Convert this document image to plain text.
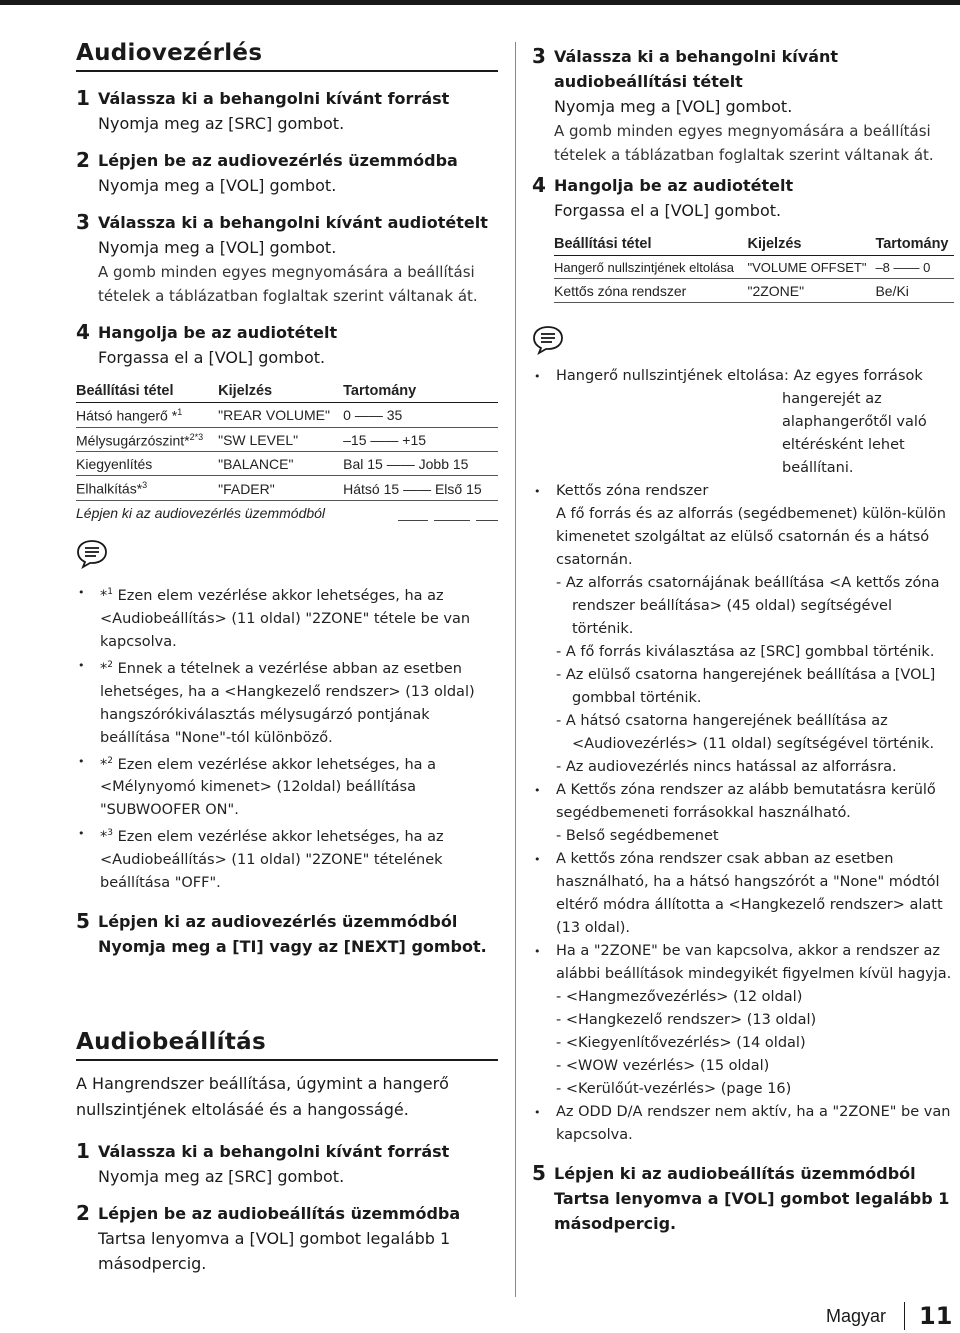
Audiovezérlés
1 Válassza ki a behangolni kívánt forrást
Nyomja meg az [SRC] gombot.
2 Lépjen be az audiovezérlés üzemmódba
Nyomja meg a [VOL] gombot.
3 Válassza ki a behangolni kívánt audiotételt
Nyomja meg a [VOL] gombot.
A gomb minden egyes megnyomására a beállítási tételek a táblázatban foglaltak szerint váltanak át.
4 Hangolja be az audiotételt
Forgassa el a [VOL] gombot.
Beállítási tétel	Kijelzés	Tartomány
Hátsó hangerő *$^1$	"REAR VOLUME"	0 —— 35
Mélysugárzószint*$^{2*3}$	"SW LEVEL"	–15 —— +15
Kiegyenlítés	"BALANCE"	Bal 15 —— Jobb 15
Elhalkítás*$^3$	"FADER"	Hátsó 15 —— Első 15
Lépjen ki az audiovezérlés üzemmódból		
• *$^1$ Ezen elem vezérlése akkor lehetséges, ha az <Audiobeállítás> (11 oldal) "2ZONE" tétele be van kapcsolva.
• *$^2$ Ennek a tételnek a vezérlése abban az esetben lehetséges, ha a <Hangkezelő rendszer> (13 oldal) hangszórókiválasztás mélysugárzó pontjának beállítása "None"-tól különböző.
• *$^2$ Ezen elem vezérlése akkor lehetséges, ha a <Mélynyomó kimenet> (12oldal) beállítása "SUBWOOFER ON".
• *$^3$ Ezen elem vezérlése akkor lehetséges, ha az <Audiobeállítás> (11 oldal) "2ZONE" tételének beállítása "OFF".
5 Lépjen ki az audiovezérlés üzemmódból
Nyomja meg a [TI] vagy az [NEXT] gombot.
Audiobeállítás
A Hangrendszer beállítása, úgymint a hangerő nullszintjének eltolásáé és a hangosságé.
1 Válassza ki a behangolni kívánt forrást
Nyomja meg az [SRC] gombot.
2 Lépjen be az audiobeállítás üzemmódba
Tartsa lenyomva a [VOL] gombot legalább 1 másodpercig.
3 Válassza ki a behangolni kívánt audiobeállítási tételt
Nyomja meg a [VOL] gombot.
A gomb minden egyes megnyomására a beállítási tételek a táblázatban foglaltak szerint váltanak át.
4 Hangolja be az audiotételt
Forgassa el a [VOL] gombot.
Beállítási tétel	Kijelzés	Tartomány
Hangerő nullszintjének eltolása	"VOLUME OFFSET"	–8 —— 0
Kettős zóna rendszer	"2ZONE"	Be/Ki
• Hangerő nullszintjének eltolása: Az egyes források
hangerejét az
alaphangerőtől való
eltérésként lehet
beállítani.
• Kettős zóna rendszer
A fő forrás és az alforrás (segédbemenet) külön-külön kimenetet szolgáltat az elülső csatornán és a hátsó csatornán.
- Az alforrás csatornájának beállítása <A kettős zóna
rendszer beállítása> (45 oldal) segítségével történik.
- A fő forrás kiválasztása az [SRC] gombbal történik.
- Az elülső csatorna hangerejének beállítása a [VOL]
gombbal történik.
- A hátsó csatorna hangerejének beállítása az
<Audiovezérlés> (11 oldal) segítségével történik.
- Az audiovezérlés nincs hatással az alforrásra.
• A Kettős zóna rendszer az alább bemutatásra kerülő segédbemeneti forrásokkal használható.
- Belső segédbemenet
• A kettős zóna rendszer csak abban az esetben használható, ha a hátsó hangszórót a "None" módtól eltérő módra állította a <Hangkezelő rendszer> alatt (13 oldal).
• Ha a "2ZONE" be van kapcsolva, akkor a rendszer az alábbi beállítások mindegyikét figyelmen kívül hagyja.
- <Hangmezővezérlés> (12 oldal)
- <Hangkezelő rendszer> (13 oldal)
- <Kiegyenlítővezérlés> (14 oldal)
- <WOW vezérlés> (15 oldal)
- <Kerülőút-vezérlés> (page 16)
• Az ODD D/A rendszer nem aktív, ha a "2ZONE" be van kapcsolva.
5 Lépjen ki az audiobeállítás üzemmódból
Tartsa lenyomva a [VOL] gombot legalább 1 másodpercig.
Magyar 11
